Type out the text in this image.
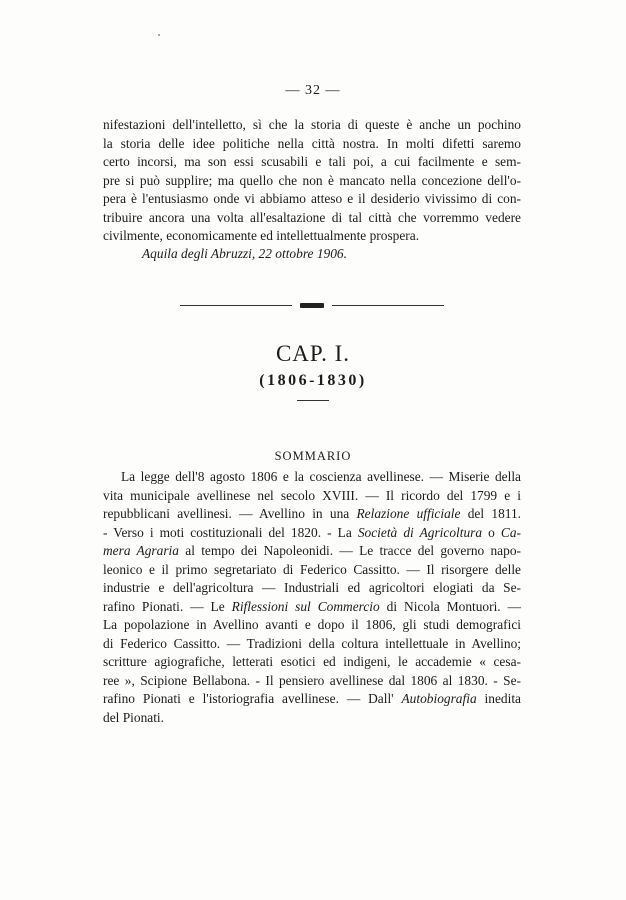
— 32 —
nifestazioni dell'intelletto, sì che la storia di queste è anche un pochino
la storia delle idee politiche nella città nostra. In molti difetti saremo
certo incorsi, ma son essi scusabili e tali poi, a cui facilmente e sem-
pre si può supplire; ma quello che non è mancato nella concezione dell'o-
pera è l'entusiasmo onde vi abbiamo atteso e il desiderio vivissimo di con-
tribuire ancora una volta all'esaltazione di tal città che vorremmo vedere
civilmente, economicamente ed intellettualmente prospera.
Aquila degli Abruzzi, 22 ottobre 1906.
CAP. I.
(1806-1830)
SOMMARIO
La legge dell'8 agosto 1806 e la coscienza avellinese. — Miserie della
vita municipale avellinese nel secolo XVIII. — Il ricordo del 1799 e i
repubblicani avellinesi. — Avellino in una Relazione ufficiale del 1811.
- Verso i moti costituzionali del 1820. - La Società di Agricoltura o Ca-
mera Agraria al tempo dei Napoleonidi. — Le tracce del governo napo-
leonico e il primo segretariato di Federico Cassitto. — Il risorgere delle
industrie e dell'agricoltura — Industriali ed agricoltori elogiati da Se-
rafino Pionati. — Le Riflessioni sul Commercio di Nicola Montuori. —
La popolazione in Avellino avanti e dopo il 1806, gli studi demografici
di Federico Cassitto. — Tradizioni della coltura intellettuale in Avellino;
scritture agiografiche, letterati esotici ed indigeni, le accademie « cesa-
ree », Scipione Bellabona. - Il pensiero avellinese dal 1806 al 1830. - Se-
rafino Pionati e l'istoriografia avellinese. — Dall' Autobiografia inedita
del Pionati.
